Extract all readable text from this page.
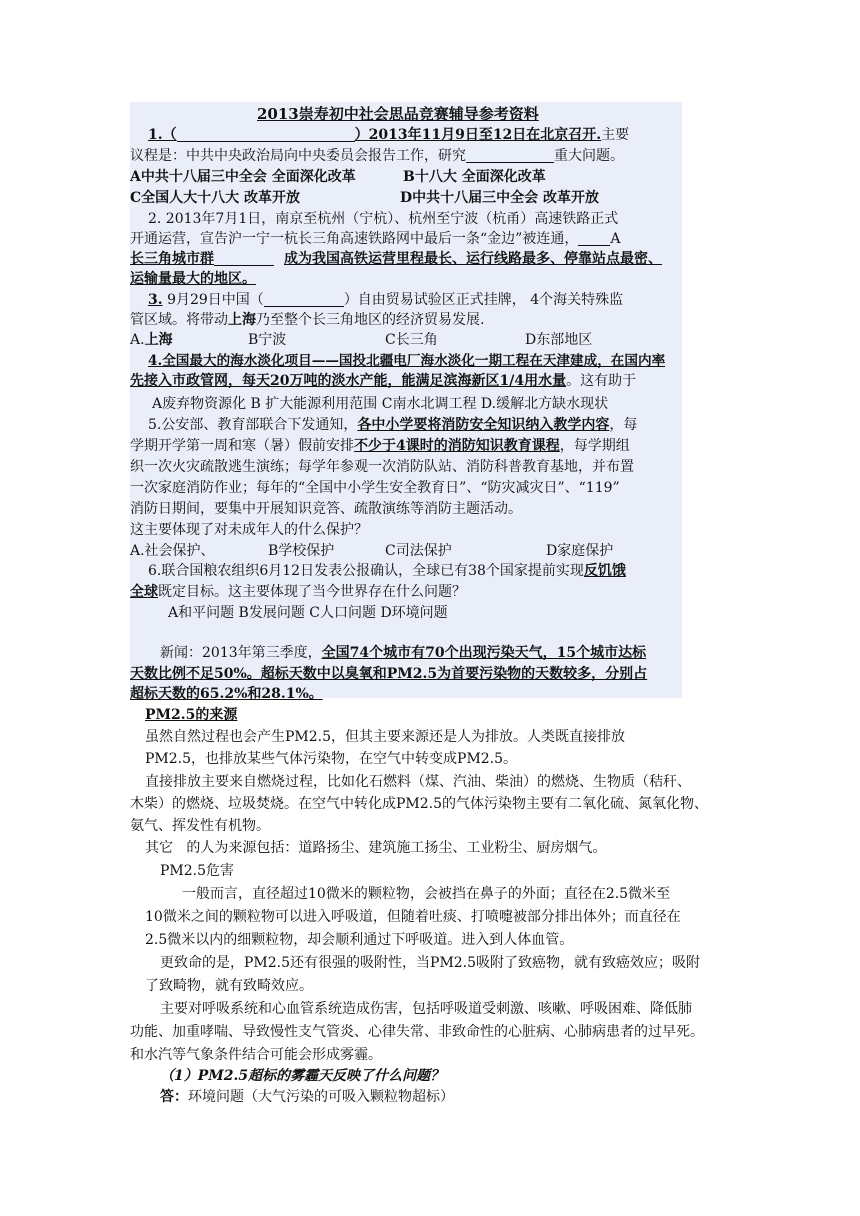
2013崇寿初中社会思品竞赛辅导参考资料
1.（	）2013年11月9日至12日在北京召开.主要
议程是：中共中央政治局向中央委员会报告工作，研究	重大问题。
A中共十八届三中全会 全面深化改革	B十八大 全面深化改革
C全国人大十八大 改革开放	D中共十八届三中全会 改革开放
2. 2013年7月1日，南京至杭州（宁杭）、杭州至宁波（杭甬）高速铁路正式
开通运营，宣告沪一宁一杭长三角高速铁路网中最后一条“金边”被连通， A
长三角城市群	成为我国高铁运营里程最长、运行线路最多、停靠站点最密、
运输量最大的地区。
3. 9月29日中国（	）自由贸易试验区正式挂牌， 4个海关特殊监
管区域。将带动上海乃至整个长三角地区的经济贸易发展.
A.上海	B宁波	C长三角	D东部地区
4.全国最大的海水淡化项目——国投北疆电厂海水淡化一期工程在天津建成，在国内率
先接入市政管网，每天20万吨的淡水产能，能满足滨海新区1/4用水量。这有助于
A废弃物资源化 B 扩大能源利用范围 C南水北调工程 D.缓解北方缺水现状
5.公安部、教育部联合下发通知，各中小学要将消防安全知识纳入教学内容，每
学期开学第一周和寒（暑）假前安排不少于4课时的消防知识教育课程，每学期组
织一次火灾疏散逃生演练；每学年参观一次消防队站、消防科普教育基地，并布置
一次家庭消防作业；每年的“全国中小学生安全教育日”、“防灾减灾日”、“119”
消防日期间，要集中开展知识竞答、疏散演练等消防主题活动。
这主要体现了对未成年人的什么保护？
A.社会保护、	B学校保护	C司法保护	D家庭保护
6.联合国粮农组织6月12日发表公报确认，全球已有38个国家提前实现反饥饿
全球既定目标。这主要体现了当今世界存在什么问题？
A和平问题 B发展问题 C人口问题 D环境问题
新闻：2013年第三季度，全国74个城市有70个出现污染天气，15个城市达标
天数比例不足50%。超标天数中以臭氧和PM2.5为首要污染物的天数较多，分别占
超标天数的65.2%和28.1%。
PM2.5的来源
虽然自然过程也会产生PM2.5，但其主要来源还是人为排放。人类既直接排放
PM2.5，也排放某些气体污染物，在空气中转变成PM2.5。
直接排放主要来自燃烧过程，比如化石燃料（煤、汽油、柴油）的燃烧、生物质（秸秆、
木柴）的燃烧、垃圾焚烧。在空气中转化成PM2.5的气体污染物主要有二氧化硫、氮氧化物、
氨气、挥发性有机物。
其它   的人为来源包括：道路扬尘、建筑施工扬尘、工业粉尘、厨房烟气。
PM2.5危害
一般而言，直径超过10微米的颗粒物，会被挡在鼻子的外面；直径在2.5微米至
10微米之间的颗粒物可以进入呼吸道，但随着吐痰、打喷嚏被部分排出体外；而直径在
2.5微米以内的细颗粒物，却会顺利通过下呼吸道。进入到人体血管。
更致命的是，PM2.5还有很强的吸附性，当PM2.5吸附了致癌物，就有致癌效应；吸附
了致畸物，就有致畸效应。
主要对呼吸系统和心血管系统造成伤害，包括呼吸道受刺激、咳嗽、呼吸困难、降低肺
功能、加重哮喘、导致慢性支气管炎、心律失常、非致命性的心脏病、心肺病患者的过早死。
和水汽等气象条件结合可能会形成雾霾。
（1）PM2.5超标的雾霾天反映了什么问题？
答：环境问题（大气污染的可吸入颗粒物超标）
